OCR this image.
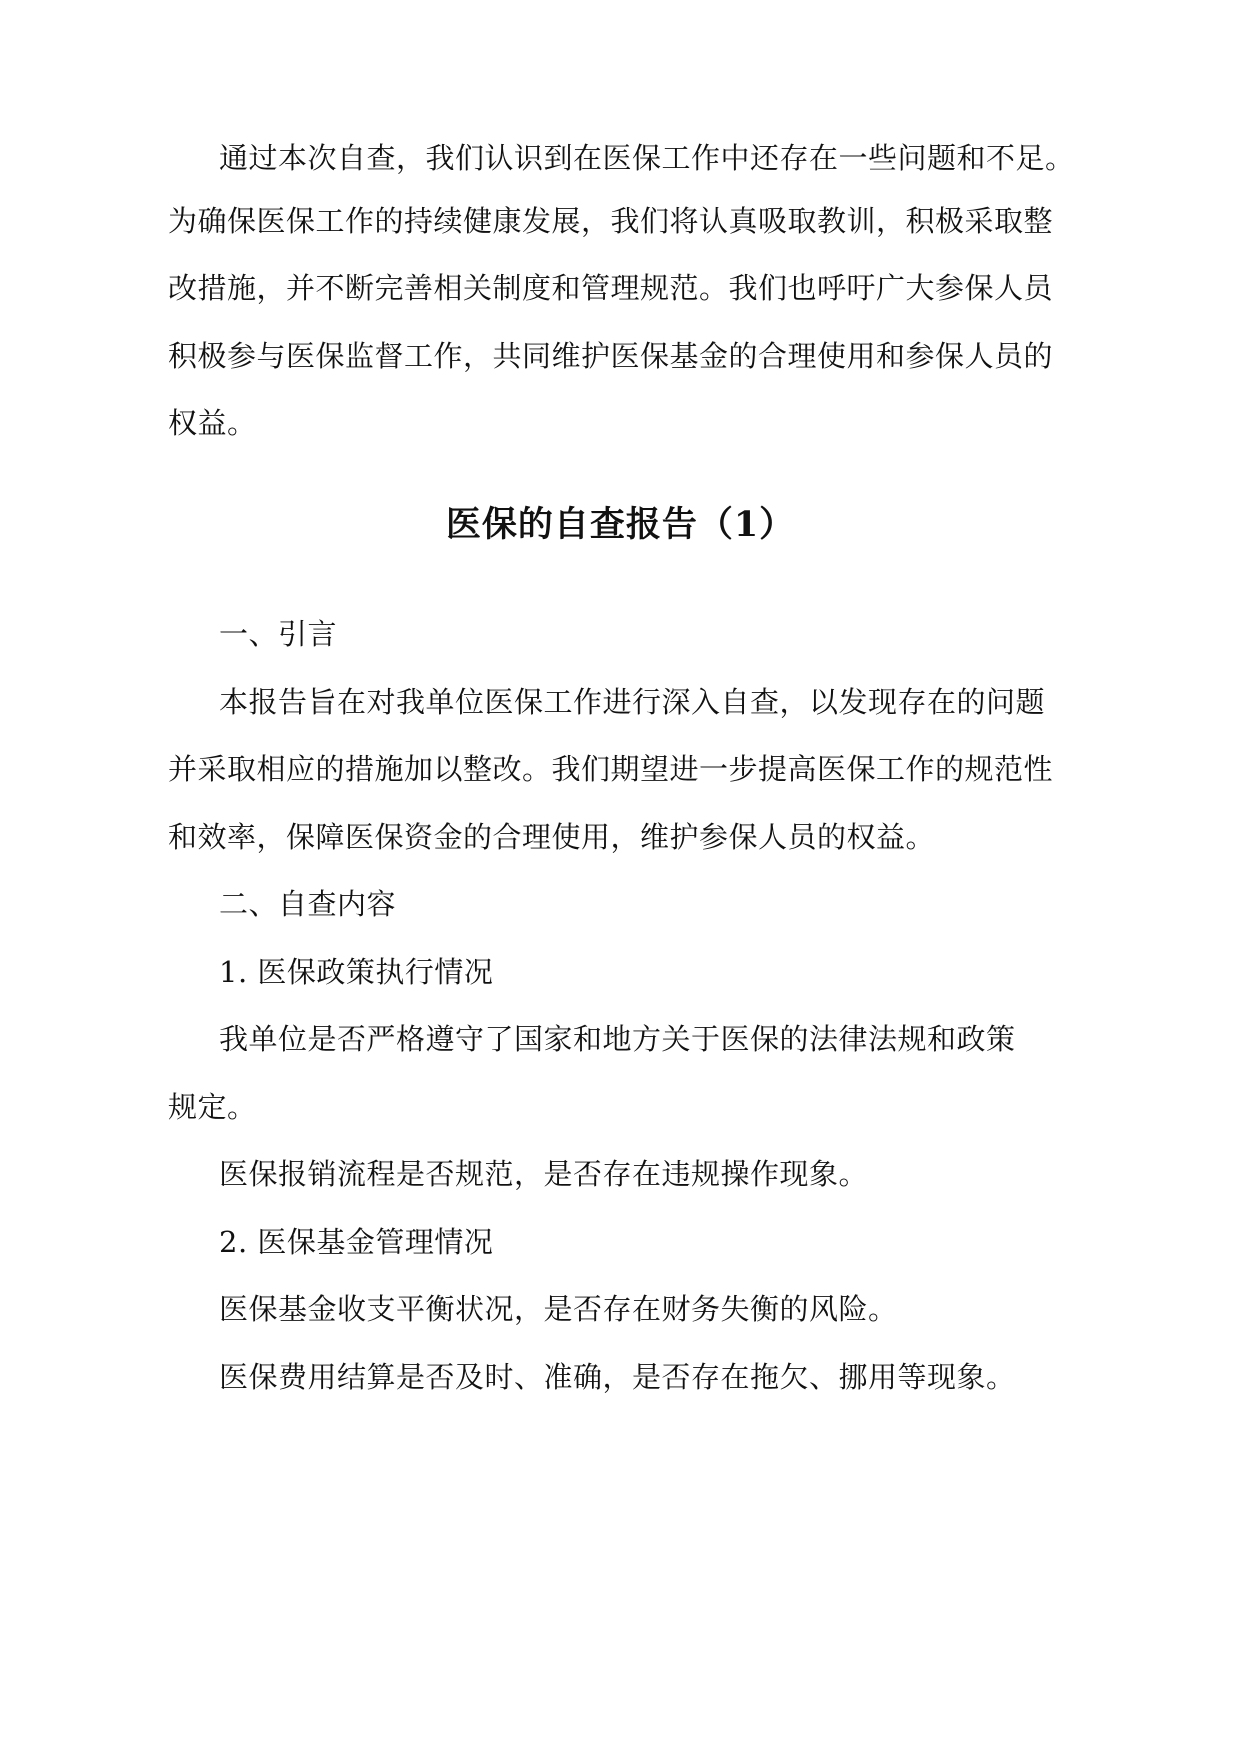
通过本次自查，我们认识到在医保工作中还存在一些问题和不足。
为确保医保工作的持续健康发展，我们将认真吸取教训，积极采取整
改措施，并不断完善相关制度和管理规范。我们也呼吁广大参保人员
积极参与医保监督工作，共同维护医保基金的合理使用和参保人员的
权益。
医保的自查报告（1）
一、引言
本报告旨在对我单位医保工作进行深入自查，以发现存在的问题
并采取相应的措施加以整改。我们期望进一步提高医保工作的规范性
和效率，保障医保资金的合理使用，维护参保人员的权益。
二、自查内容
1. 医保政策执行情况
我单位是否严格遵守了国家和地方关于医保的法律法规和政策
规定。
医保报销流程是否规范，是否存在违规操作现象。
2. 医保基金管理情况
医保基金收支平衡状况，是否存在财务失衡的风险。
医保费用结算是否及时、准确，是否存在拖欠、挪用等现象。
